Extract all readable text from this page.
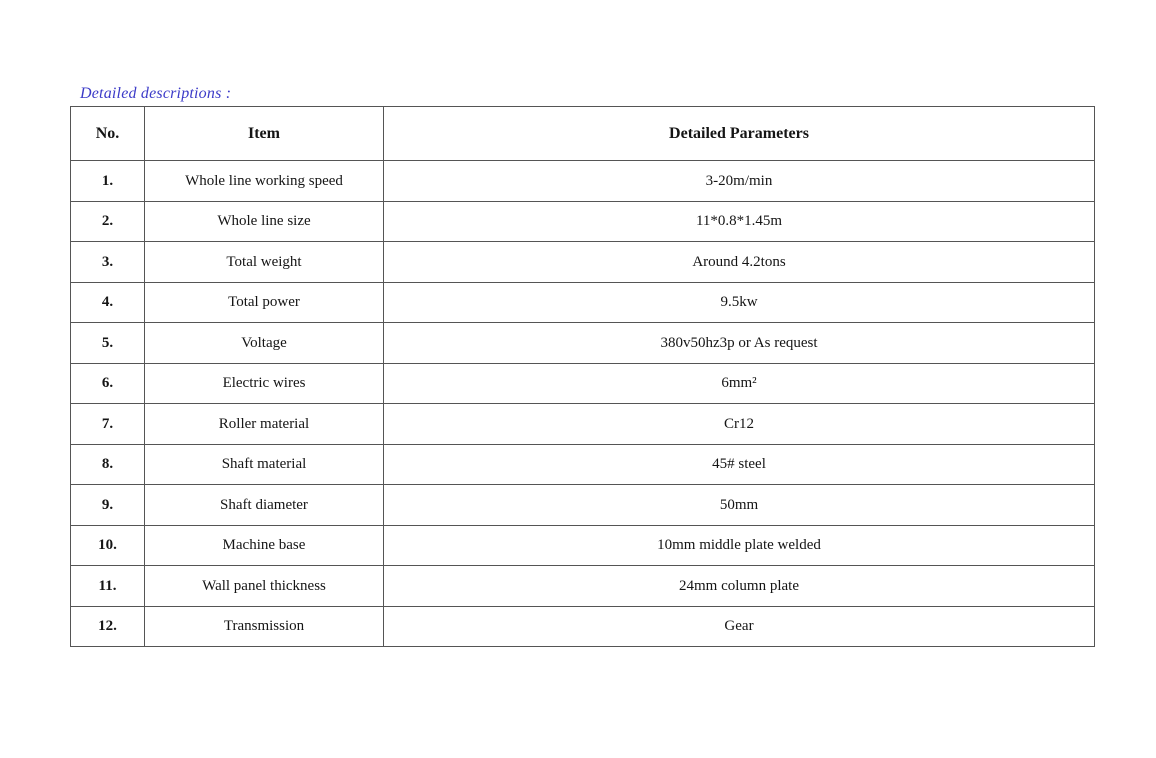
Detailed descriptions :
No.	Item	Detailed Parameters
1.	Whole line working speed	3-20m/min
2.	Whole line size	11*0.8*1.45m
3.	Total weight	Around 4.2tons
4.	Total power	9.5kw
5.	Voltage	380v50hz3p or As request
6.	Electric wires	6mm²
7.	Roller material	Cr12
8.	Shaft material	45# steel
9.	Shaft diameter	50mm
10.	Machine base	10mm middle plate welded
11.	Wall panel thickness	24mm column plate
12.	Transmission	Gear
